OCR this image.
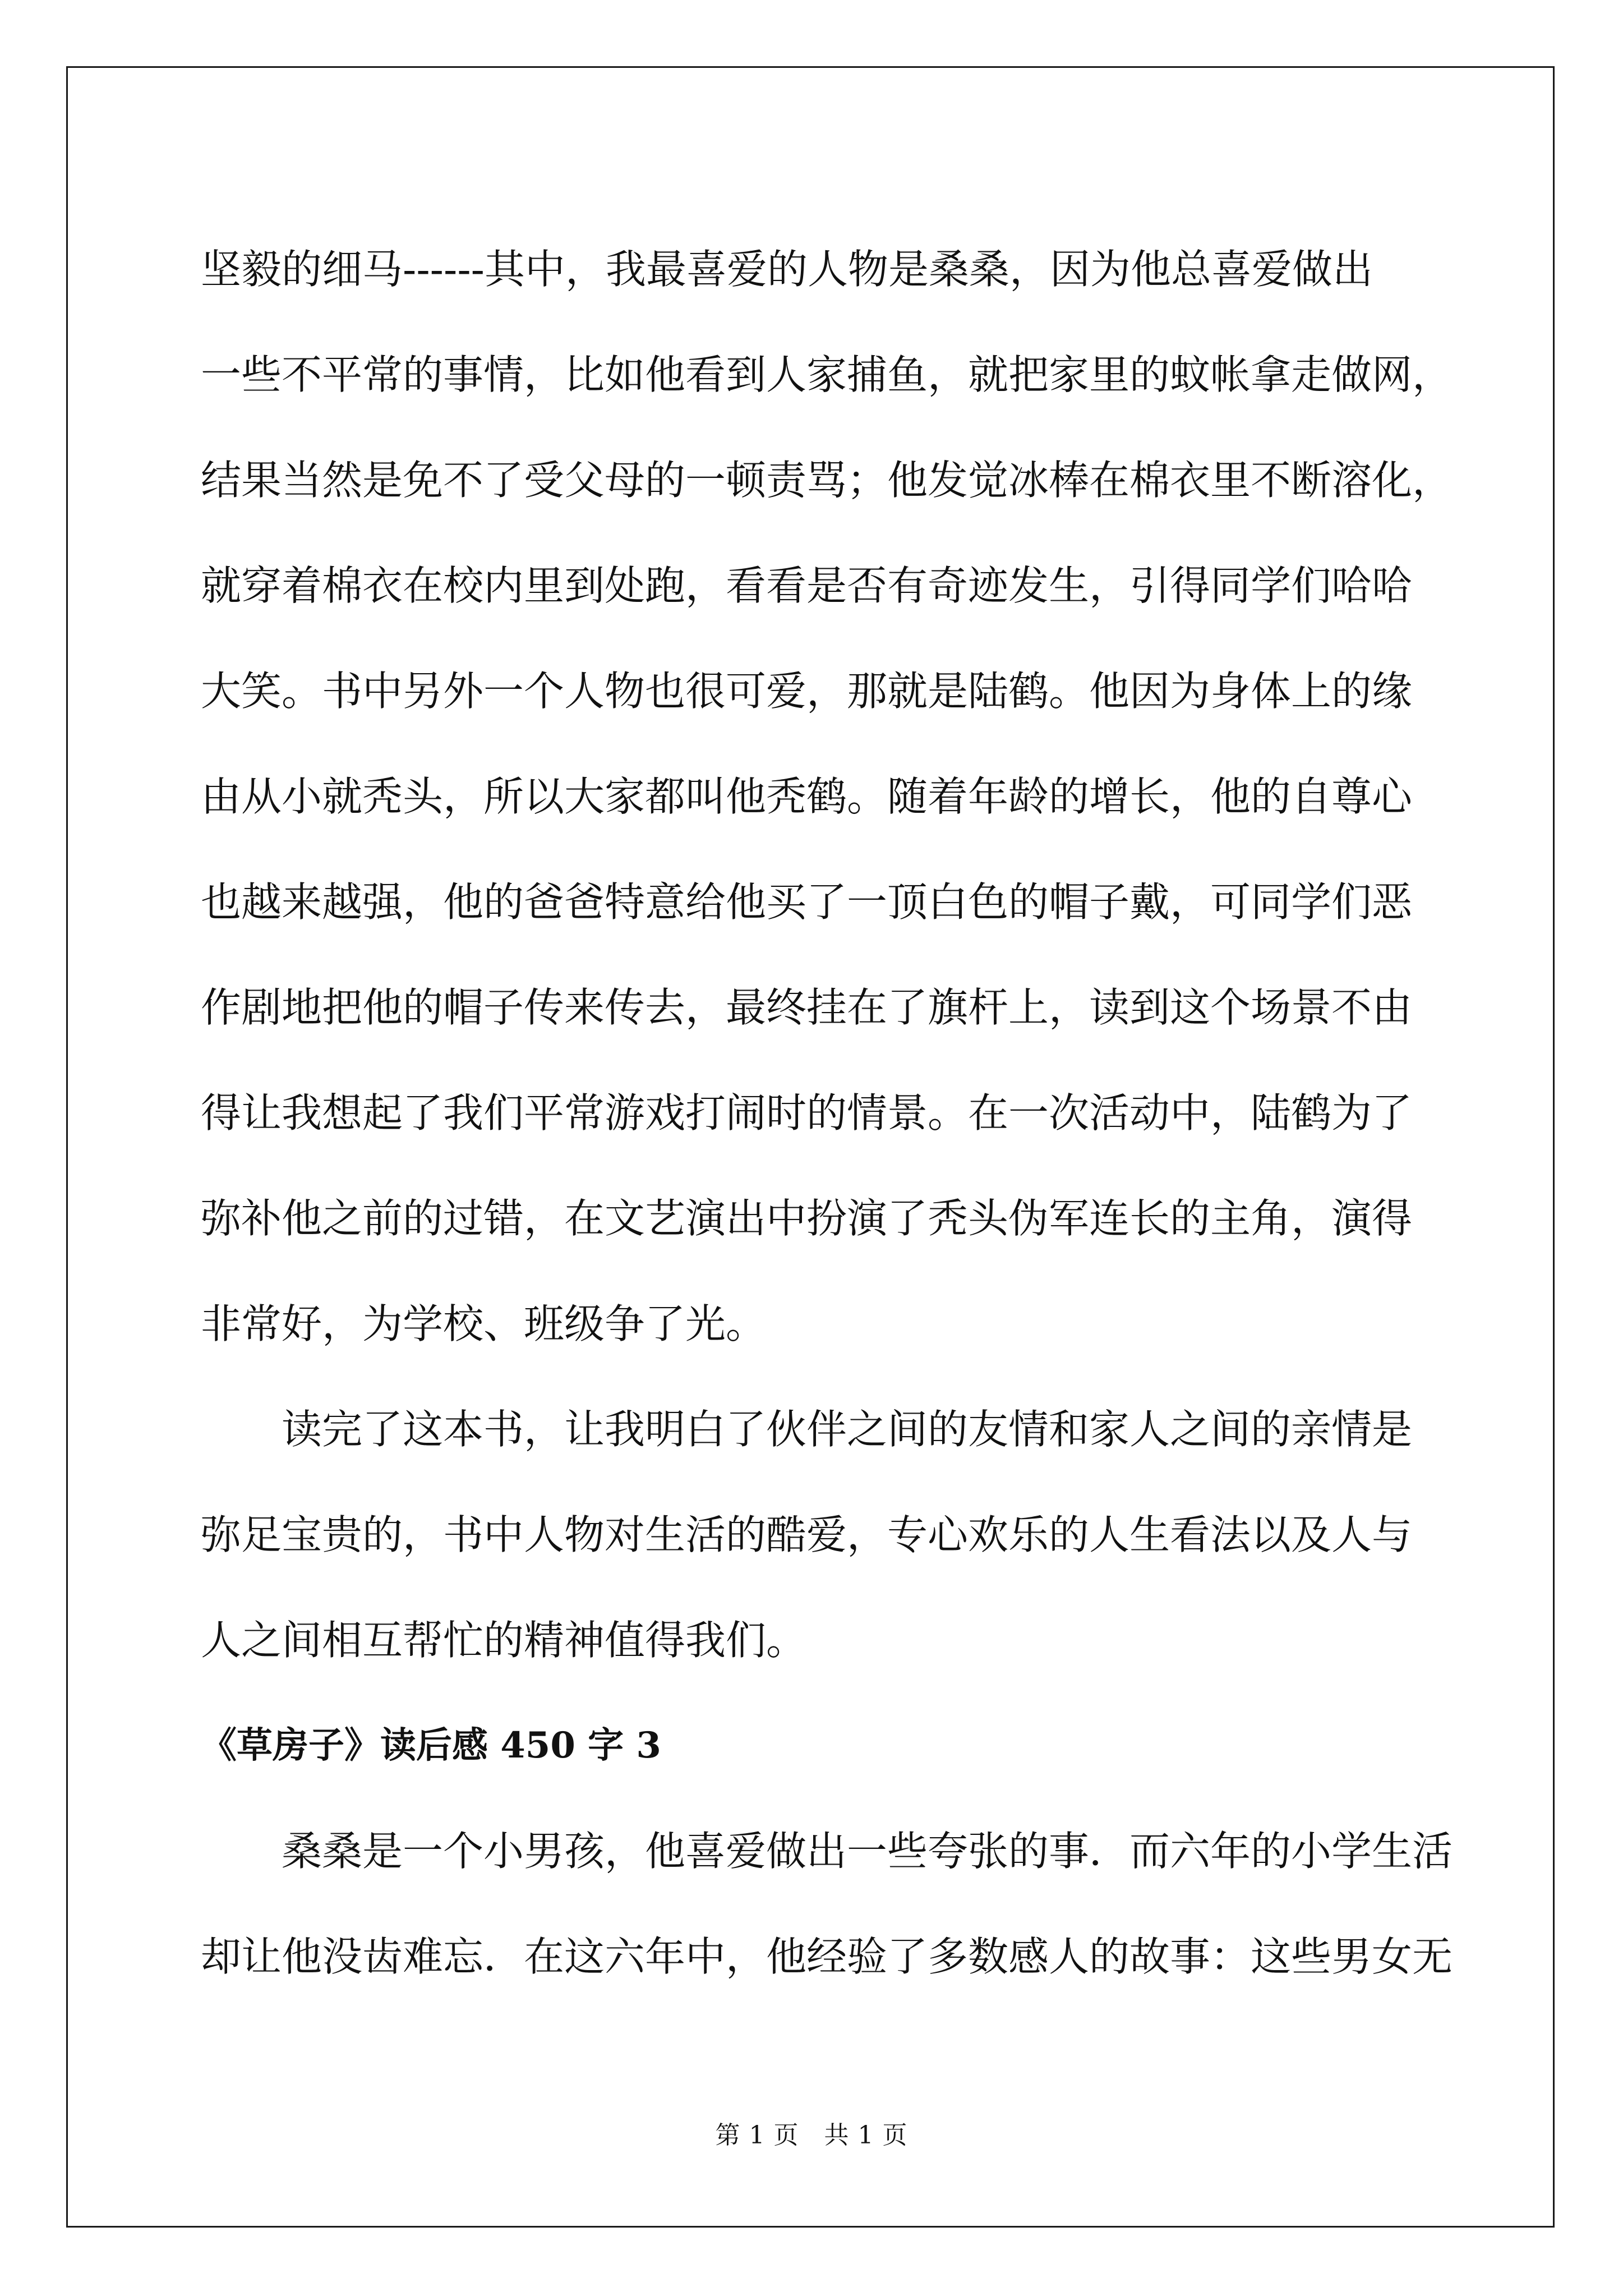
坚毅的细马------其中，我最喜爱的人物是桑桑，因为他总喜爱做出
一些不平常的事情，比如他看到人家捕鱼，就把家里的蚊帐拿走做网，
结果当然是免不了受父母的一顿责骂；他发觉冰棒在棉衣里不断溶化，
就穿着棉衣在校内里到处跑，看看是否有奇迹发生，引得同学们哈哈
大笑。书中另外一个人物也很可爱，那就是陆鹤。他因为身体上的缘
由从小就秃头，所以大家都叫他秃鹤。随着年龄的增长，他的自尊心
也越来越强，他的爸爸特意给他买了一顶白色的帽子戴，可同学们恶
作剧地把他的帽子传来传去，最终挂在了旗杆上，读到这个场景不由
得让我想起了我们平常游戏打闹时的情景。在一次活动中，陆鹤为了
弥补他之前的过错，在文艺演出中扮演了秃头伪军连长的主角，演得
非常好，为学校、班级争了光。

读完了这本书，让我明白了伙伴之间的友情和家人之间的亲情是
弥足宝贵的，书中人物对生活的酷爱，专心欢乐的人生看法以及人与
人之间相互帮忙的精神值得我们。

《草房子》读后感 450 字 3

桑桑是一个小男孩，他喜爱做出一些夸张的事．而六年的小学生活
却让他没齿难忘．在这六年中，他经验了多数感人的故事：这些男女无

第 1 页　共 1 页
